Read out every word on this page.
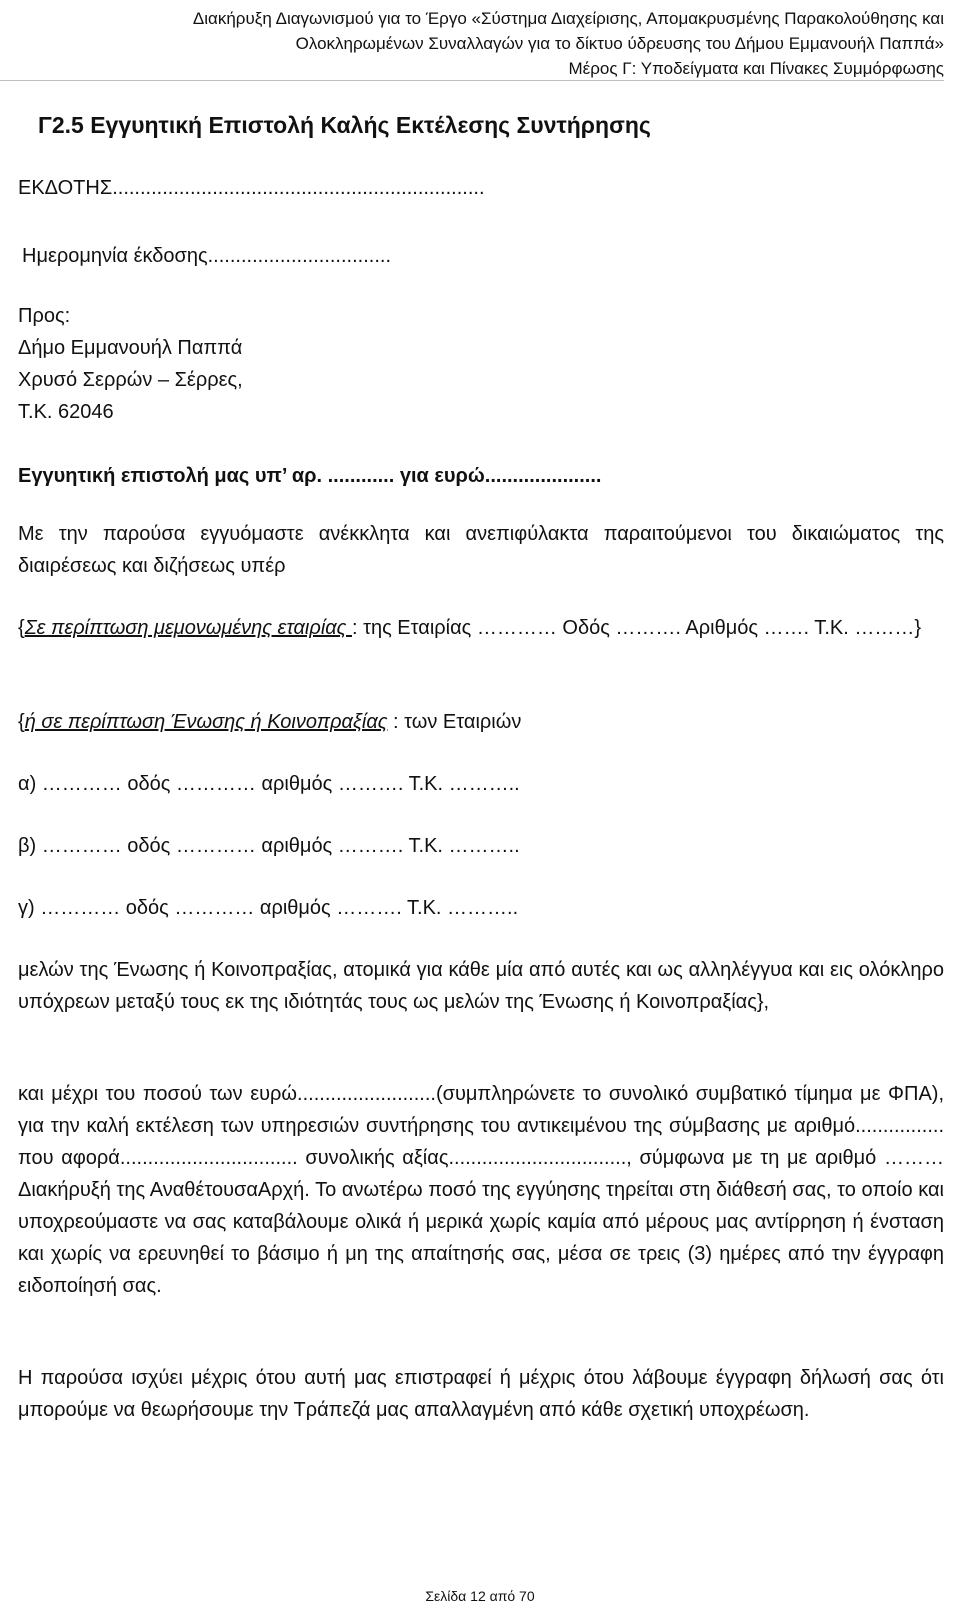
Διακήρυξη Διαγωνισμού για το Έργο «Σύστημα Διαχείρισης, Απομακρυσμένης Παρακολούθησης και
Ολοκληρωμένων Συναλλαγών για το δίκτυο ύδρευσης του Δήμου Εμμανουήλ Παππά»
Μέρος Γ: Υποδείγματα και Πίνακες Συμμόρφωσης
Γ2.5 Εγγυητική Επιστολή Καλής Εκτέλεσης Συντήρησης
ΕΚΔΟΤΗΣ...................................................................
Ημερομηνία έκδοσης.................................
Προς:
Δήμο Εμμανουήλ Παππά
Χρυσό Σερρών – Σέρρες,
Τ.Κ. 62046
Εγγυητική επιστολή μας υπ’ αρ. ............ για ευρώ.....................
Με την παρούσα εγγυόμαστε ανέκκλητα και ανεπιφύλακτα παραιτούμενοι του δικαιώματος της διαιρέσεως και διζήσεως υπέρ
{Σε περίπτωση μεμονωμένης εταιρίας : της Εταιρίας ………… Οδός ………. Αριθμός ……. Τ.Κ. ………}
{ή σε περίπτωση Ένωσης ή Κοινοπραξίας : των Εταιριών
α) ………… οδός ………… αριθμός ………. Τ.Κ. ………..
β) ………… οδός ………… αριθμός ………. Τ.Κ. ………..
γ) ………… οδός ………… αριθμός ………. Τ.Κ. ………..
μελών της Ένωσης ή Κοινοπραξίας, ατομικά για κάθε μία από αυτές και ως αλληλέγγυα και εις ολόκληρο υπόχρεων μεταξύ τους εκ της ιδιότητάς τους ως μελών της Ένωσης ή Κοινοπραξίας},
και μέχρι του ποσού των ευρώ.........................(συμπληρώνετε το συνολικό συμβατικό τίμημα με ΦΠΑ), για την καλή εκτέλεση των υπηρεσιών συντήρησης του αντικειμένου της σύμβασης με αριθμό................ που αφορά................................ συνολικής αξίας................................, σύμφωνα με τη με αριθμό ……… Διακήρυξή της ΑναθέτουσαΑρχή. Το ανωτέρω ποσό της εγγύησης τηρείται στη διάθεσή σας, το οποίο και υποχρεούμαστε να σας καταβάλουμε ολικά ή μερικά χωρίς καμία από μέρους μας αντίρρηση ή ένσταση και χωρίς να ερευνηθεί το βάσιμο ή μη της απαίτησής σας, μέσα σε τρεις (3) ημέρες από την έγγραφη ειδοποίησή σας.
Η παρούσα ισχύει μέχρις ότου αυτή μας επιστραφεί ή μέχρις ότου λάβουμε έγγραφη δήλωσή σας ότι μπορούμε να θεωρήσουμε την Τράπεζά μας απαλλαγμένη από κάθε σχετική υποχρέωση.
Σελίδα 12 από 70
